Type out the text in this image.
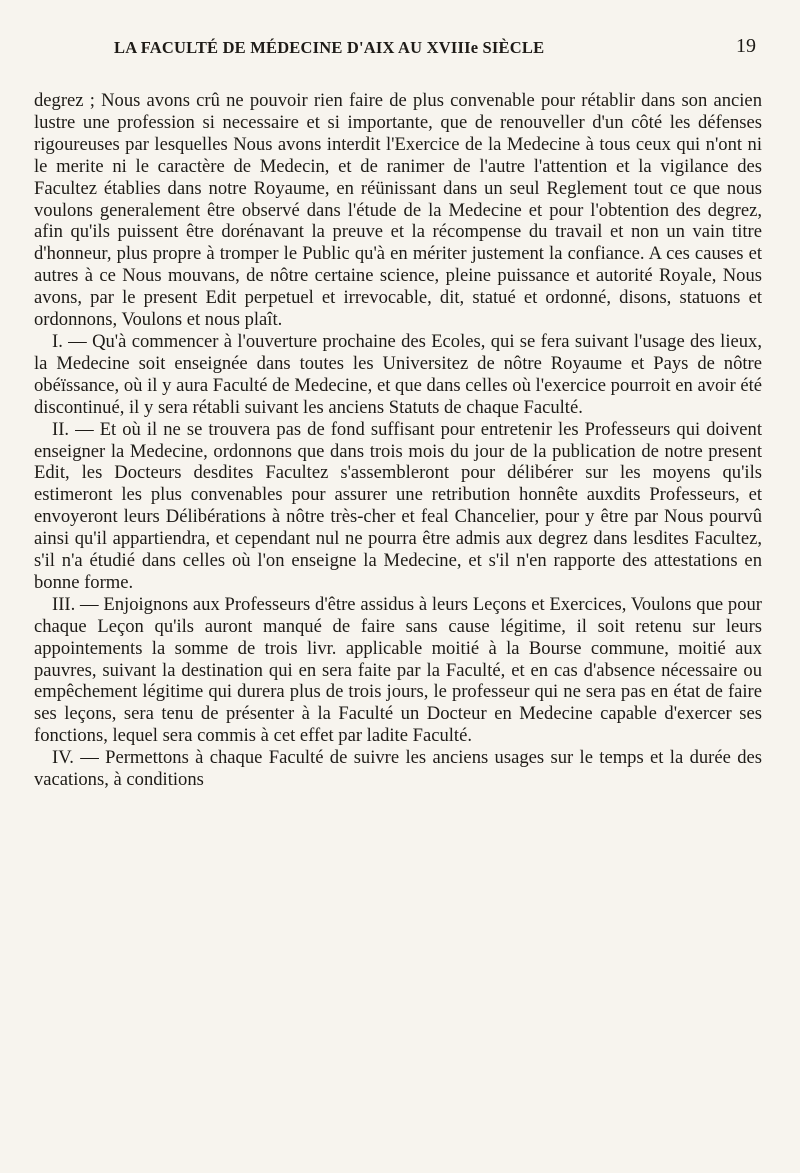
LA FACULTÉ DE MÉDECINE D'AIX AU XVIIIe SIÈCLE	19

degrez ; Nous avons crû ne pouvoir rien faire de plus convenable pour rétablir dans son ancien lustre une profession si necessaire et si importante, que de renouveller d'un côté les défenses rigoureuses par lesquelles Nous avons interdit l'Exercice de la Medecine à tous ceux qui n'ont ni le merite ni le caractère de Medecin, et de ranimer de l'autre l'attention et la vigilance des Facultez établies dans notre Royaume, en réünissant dans un seul Reglement tout ce que nous voulons generalement être observé dans l'étude de la Medecine et pour l'obtention des degrez, afin qu'ils puissent être dorénavant la preuve et la récompense du travail et non un vain titre d'honneur, plus propre à tromper le Public qu'à en mériter justement la confiance. A ces causes et autres à ce Nous mouvans, de nôtre certaine science, pleine puissance et autorité Royale, Nous avons, par le present Edit perpetuel et irrevocable, dit, statué et ordonné, disons, statuons et ordonnons, Voulons et nous plaît.

I. — Qu'à commencer à l'ouverture prochaine des Ecoles, qui se fera suivant l'usage des lieux, la Medecine soit enseignée dans toutes les Universitez de nôtre Royaume et Pays de nôtre obéïssance, où il y aura Faculté de Medecine, et que dans celles où l'exercice pourroit en avoir été discontinué, il y sera rétabli suivant les anciens Statuts de chaque Faculté.

II. — Et où il ne se trouvera pas de fond suffisant pour entretenir les Professeurs qui doivent enseigner la Medecine, ordonnons que dans trois mois du jour de la publication de notre present Edit, les Docteurs desdites Facultez s'assembleront pour délibérer sur les moyens qu'ils estimeront les plus convenables pour assurer une retribution honnête auxdits Professeurs, et envoyeront leurs Délibérations à nôtre très-cher et feal Chancelier, pour y être par Nous pourvû ainsi qu'il appartiendra, et cependant nul ne pourra être admis aux degrez dans lesdites Facultez, s'il n'a étudié dans celles où l'on enseigne la Medecine, et s'il n'en rapporte des attestations en bonne forme.

III. — Enjoignons aux Professeurs d'être assidus à leurs Leçons et Exercices, Voulons que pour chaque Leçon qu'ils auront manqué de faire sans cause légitime, il soit retenu sur leurs appointements la somme de trois livr. applicable moitié à la Bourse commune, moitié aux pauvres, suivant la destination qui en sera faite par la Faculté, et en cas d'absence nécessaire ou empêchement légitime qui durera plus de trois jours, le professeur qui ne sera pas en état de faire ses leçons, sera tenu de présenter à la Faculté un Docteur en Medecine capable d'exercer ses fonctions, lequel sera commis à cet effet par ladite Faculté.

IV. — Permettons à chaque Faculté de suivre les anciens usages sur le temps et la durée des vacations, à conditions
